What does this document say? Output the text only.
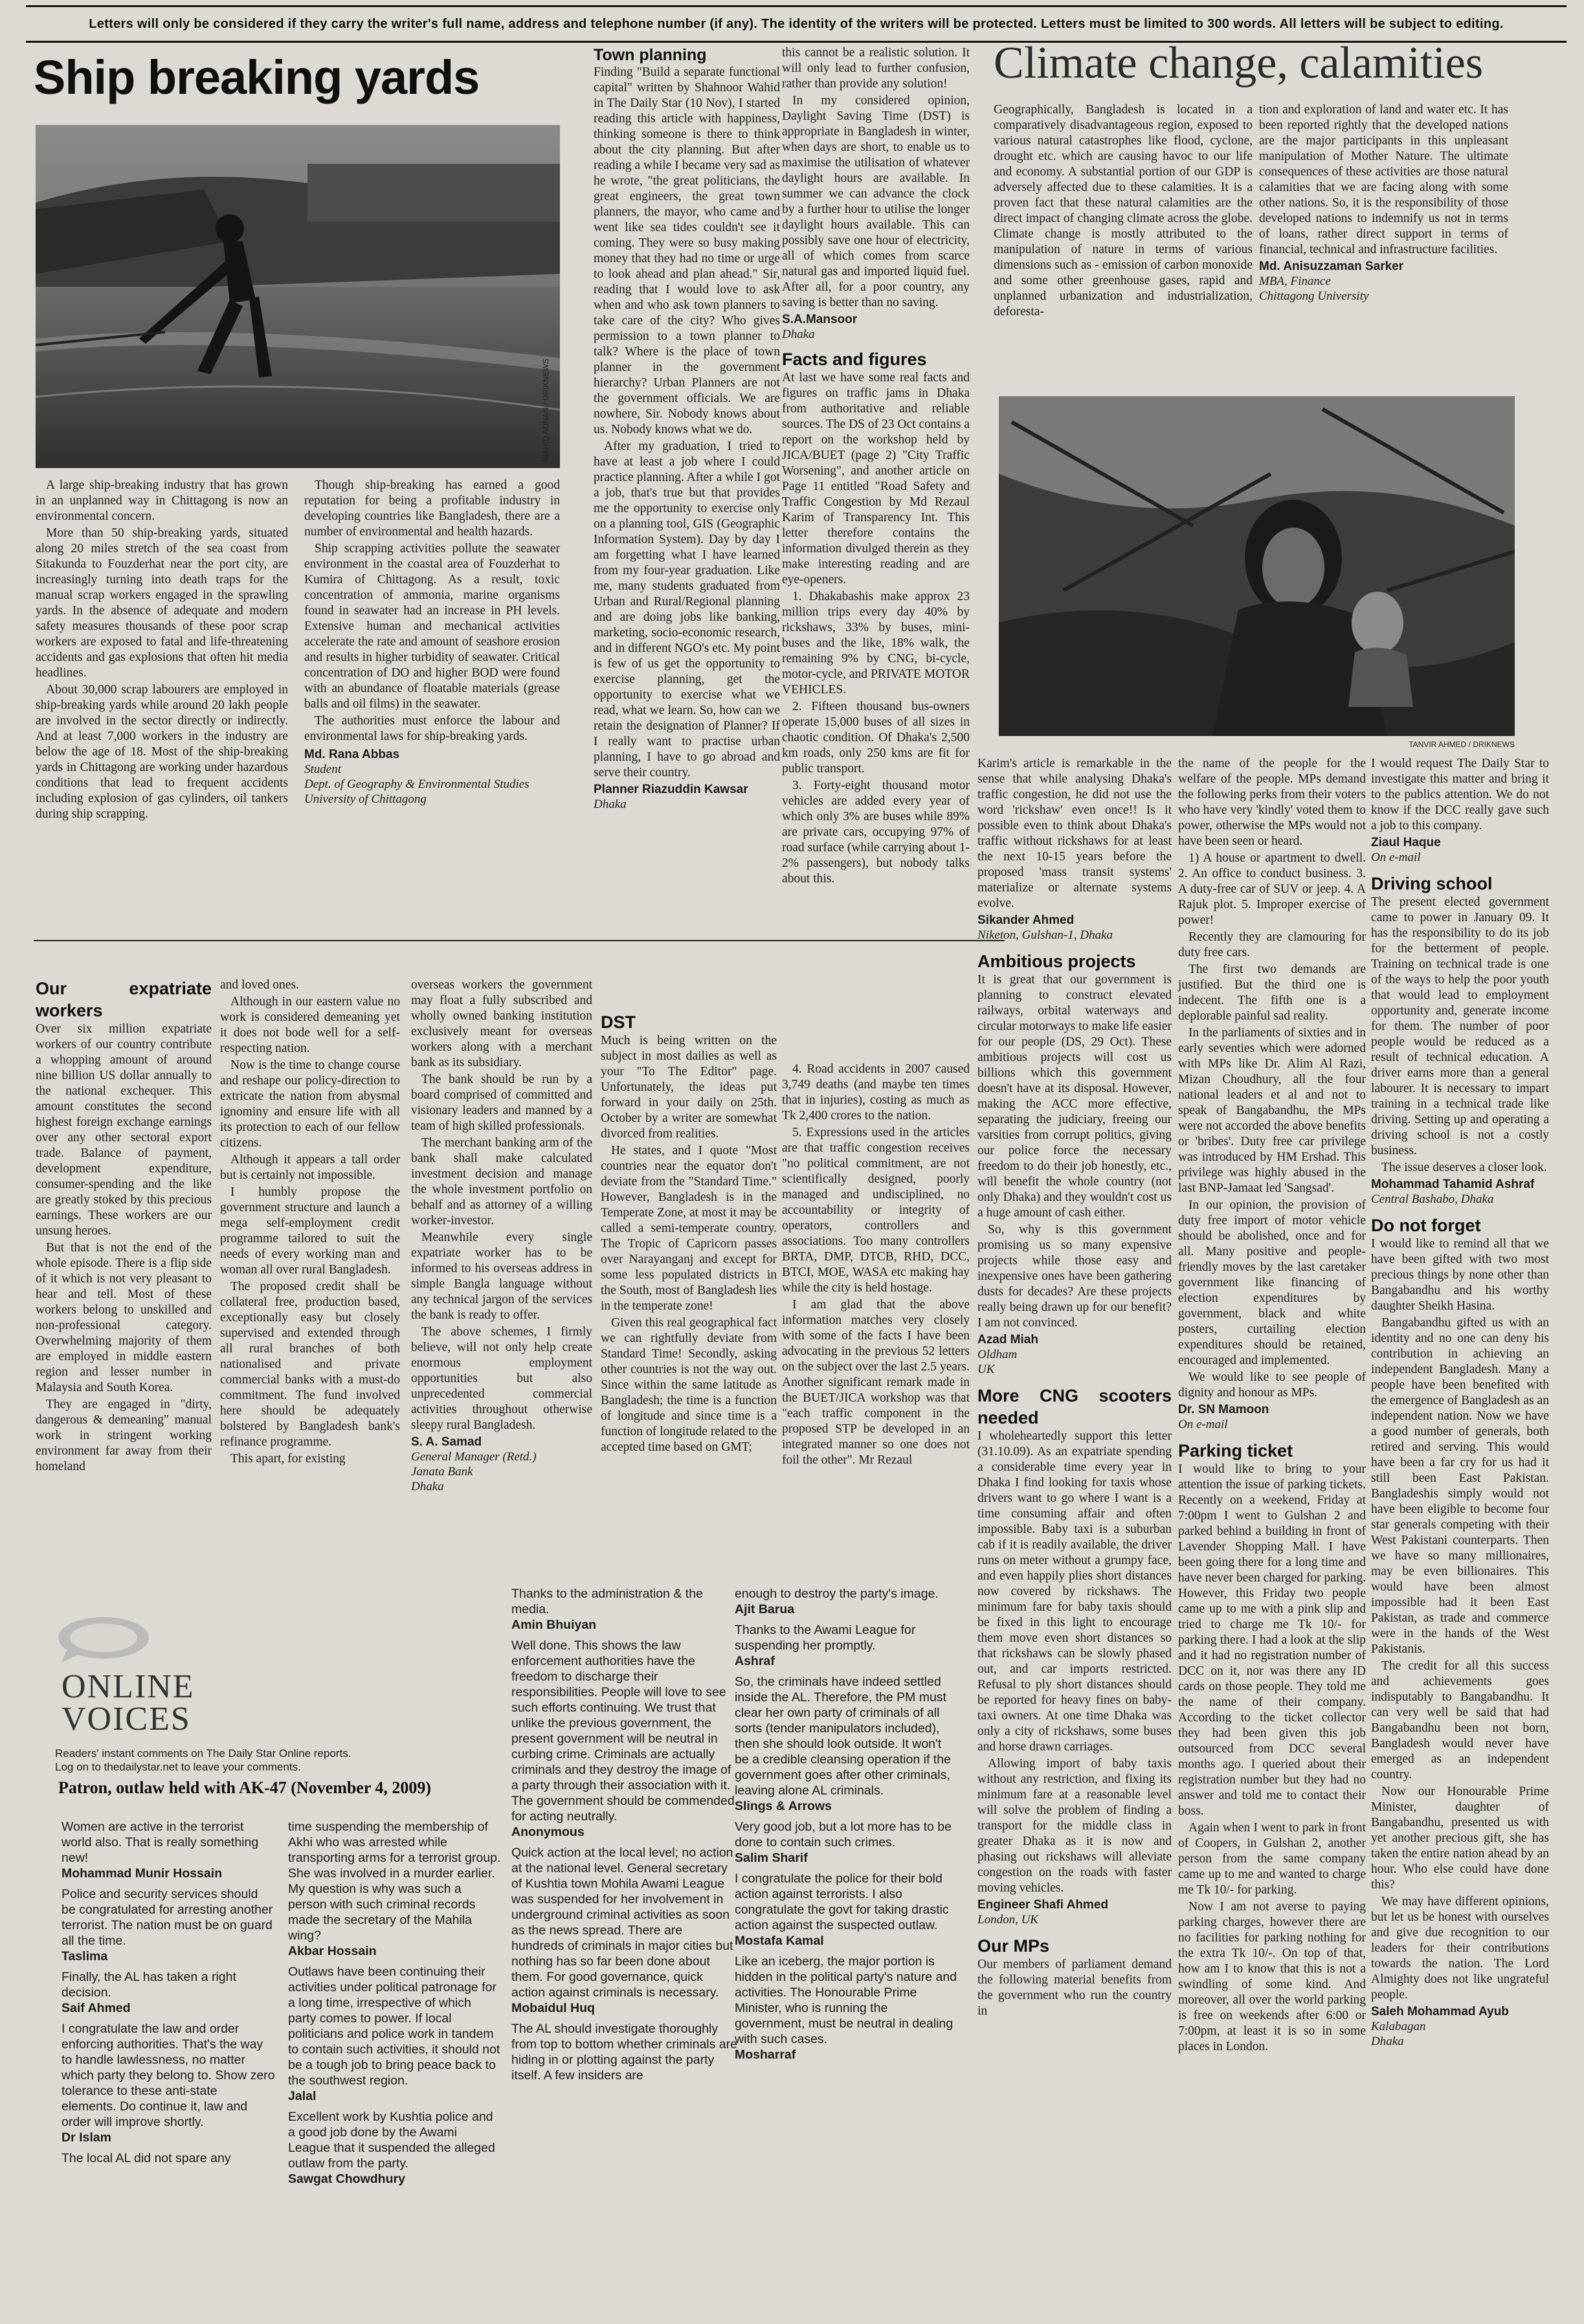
Letters will only be considered if they carry the writer's full name, address and telephone number (if any). The identity of the writers will be protected. Letters must be limited to 300 words. All letters will be subject to editing.
Ship breaking yards
WAHID ADNAN / DRIKNEWS

A large ship-breaking industry that has grown in an unplanned way in Chittagong is now an environmental concern.

More than 50 ship-breaking yards, situated along 20 miles stretch of the sea coast from Sitakunda to Fouzderhat near the port city, are increasingly turning into death traps for the manual scrap workers engaged in the sprawling yards. In the absence of adequate and modern safety measures thousands of these poor scrap workers are exposed to fatal and life-threatening accidents and gas explosions that often hit media headlines.

About 30,000 scrap labourers are employed in ship-breaking yards while around 20 lakh people are involved in the sector directly or indirectly. And at least 7,000 workers in the industry are below the age of 18. Most of the ship-breaking yards in Chittagong are working under hazardous conditions that lead to frequent accidents including explosion of gas cylinders, oil tankers during ship scrapping.

Though ship-breaking has earned a good reputation for being a profitable industry in developing countries like Bangladesh, there are a number of environmental and health hazards.

Ship scrapping activities pollute the seawater environment in the coastal area of Fouzderhat to Kumira of Chittagong. As a result, toxic concentration of ammonia, marine organisms found in seawater had an increase in PH levels. Extensive human and mechanical activities accelerate the rate and amount of seashore erosion and results in higher turbidity of seawater. Critical concentration of DO and higher BOD were found with an abundance of floatable materials (grease balls and oil films) in the seawater.

The authorities must enforce the labour and environmental laws for ship-breaking yards.

Md. Rana Abbas
Student
Dept. of Geography & Environmental Studies
University of Chittagong
Town planning

Finding "Build a separate functional capital" written by Shahnoor Wahid in The Daily Star (10 Nov), I started reading this article with happiness, thinking someone is there to think about the city planning. But after reading a while I became very sad as he wrote, "the great politicians, the great engineers, the great town planners, the mayor, who came and went like sea tides couldn't see it coming. They were so busy making money that they had no time or urge to look ahead and plan ahead." Sir, reading that I would love to ask when and who ask town planners to take care of the city? Who gives permission to a town planner to talk? Where is the place of town planner in the government hierarchy? Urban Planners are not the government officials. We are nowhere, Sir. Nobody knows about us. Nobody knows what we do.

After my graduation, I tried to have at least a job where I could practice planning. After a while I got a job, that's true but that provides me the opportunity to exercise only on a planning tool, GIS (Geographic Information System). Day by day I am forgetting what I have learned from my four-year graduation. Like me, many students graduated from Urban and Rural/Regional planning and are doing jobs like banking, marketing, socio-economic research, and in different NGO's etc. My point is few of us get the opportunity to exercise planning, get the opportunity to exercise what we read, what we learn. So, how can we retain the designation of Planner? If I really want to practise urban planning, I have to go abroad and serve their country.

Planner Riazuddin Kawsar
Dhaka

this cannot be a realistic solution. It will only lead to further confusion, rather than provide any solution!

In my considered opinion, Daylight Saving Time (DST) is appropriate in Bangladesh in winter, when days are short, to enable us to maximise the utilisation of whatever daylight hours are available. In summer we can advance the clock by a further hour to utilise the longer daylight hours available. This can possibly save one hour of electricity, all of which comes from scarce natural gas and imported liquid fuel. After all, for a poor country, any saving is better than no saving.

S.A.Mansoor
Dhaka
Facts and figures

At last we have some real facts and figures on traffic jams in Dhaka from authoritative and reliable sources. The DS of 23 Oct contains a report on the workshop held by JICA/BUET (page 2) "City Traffic Worsening", and another article on Page 11 entitled "Road Safety and Traffic Congestion by Md Rezaul Karim of Transparency Int. This letter therefore contains the information divulged therein as they make interesting reading and are eye-openers.

1. Dhakabashis make approx 23 million trips every day 40% by rickshaws, 33% by buses, mini-buses and the like, 18% walk, the remaining 9% by CNG, bi-cycle, motor-cycle, and PRIVATE MOTOR VEHICLES.

2. Fifteen thousand bus-owners operate 15,000 buses of all sizes in chaotic condition. Of Dhaka's 2,500 km roads, only 250 kms are fit for public transport.

3. Forty-eight thousand motor vehicles are added every year of which only 3% are buses while 89% are private cars, occupying 97% of road surface (while carrying about 1-2% passengers), but nobody talks about this.

4. Road accidents in 2007 caused 3,749 deaths (and maybe ten times that in injuries), costing as much as Tk 2,400 crores to the nation.

5. Expressions used in the articles are that traffic congestion receives "no political commitment, are not scientifically designed, poorly managed and undisciplined, no accountability or integrity of operators, controllers and associations. Too many controllers BRTA, DMP, DTCB, RHD, DCC, BTCI, MOE, WASA etc making hay while the city is held hostage.

I am glad that the above information matches very closely with some of the facts I have been advocating in the previous 52 letters on the subject over the last 2.5 years. Another significant remark made in the BUET/JICA workshop was that "each traffic component in the proposed STP be developed in an integrated manner so one does not foil the other". Mr Rezaul

Climate change, calamities

Geographically, Bangladesh is located in a comparatively disadvantageous region, exposed to various natural catastrophes like flood, cyclone, drought etc. which are causing havoc to our life and economy. A substantial portion of our GDP is adversely affected due to these calamities. It is a proven fact that these natural calamities are the direct impact of changing climate across the globe. Climate change is mostly attributed to the manipulation of nature in terms of various dimensions such as - emission of carbon monoxide and some other greenhouse gases, rapid and unplanned urbanization and industrialization, deforesta-

tion and exploration of land and water etc. It has been reported rightly that the developed nations are the major participants in this unpleasant manipulation of Mother Nature. The ultimate consequences of these activities are those natural calamities that we are facing along with some other nations. So, it is the responsibility of those developed nations to indemnify us not in terms of loans, rather direct support in terms of financial, technical and infrastructure facilities.

Md. Anisuzzaman Sarker
MBA, Finance
Chittagong University
TANVIR AHMED / DRIKNEWS

Karim's article is remarkable in the sense that while analysing Dhaka's traffic congestion, he did not use the word 'rickshaw' even once!! Is it possible even to think about Dhaka's traffic without rickshaws for at least the next 10-15 years before the proposed 'mass transit systems' materialize or alternate systems evolve.

Sikander Ahmed
Niketon, Gulshan-1, Dhaka
Ambitious projects

It is great that our government is planning to construct elevated railways, orbital waterways and circular motorways to make life easier for our people (DS, 29 Oct). These ambitious projects will cost us billions which this government doesn't have at its disposal. However, making the ACC more effective, separating the judiciary, freeing our varsities from corrupt politics, giving our police force the necessary freedom to do their job honestly, etc., will benefit the whole country (not only Dhaka) and they wouldn't cost us a huge amount of cash either.

So, why is this government promising us so many expensive projects while those easy and inexpensive ones have been gathering dusts for decades? Are these projects really being drawn up for our benefit? I am not convinced.

Azad Miah
Oldham
UK
More CNG scooters needed

I wholeheartedly support this letter (31.10.09). As an expatriate spending a considerable time every year in Dhaka I find looking for taxis whose drivers want to go where I want is a time consuming affair and often impossible. Baby taxi is a suburban cab if it is readily available, the driver runs on meter without a grumpy face, and even happily plies short distances now covered by rickshaws. The minimum fare for baby taxis should be fixed in this light to encourage them move even short distances so that rickshaws can be slowly phased out, and car imports restricted. Refusal to ply short distances should be reported for heavy fines on baby-taxi owners. At one time Dhaka was only a city of rickshaws, some buses and horse drawn carriages.

Allowing import of baby taxis without any restriction, and fixing its minimum fare at a reasonable level will solve the problem of finding a transport for the middle class in greater Dhaka as it is now and phasing out rickshaws will alleviate congestion on the roads with faster moving vehicles.

Engineer Shafi Ahmed
London, UK
Our MPs

Our members of parliament demand the following material benefits from the government who run the country in

the name of the people for the welfare of the people. MPs demand the following perks from their voters who have very 'kindly' voted them to power, otherwise the MPs would not have been seen or heard.

1) A house or apartment to dwell. 2. An office to conduct business. 3. A duty-free car of SUV or jeep. 4. A Rajuk plot. 5. Improper exercise of power!

Recently they are clamouring for duty free cars.

The first two demands are justified. But the third one is indecent. The fifth one is a deplorable painful sad reality.

In the parliaments of sixties and in early seventies which were adorned with MPs like Dr. Alim Al Razi, Mizan Choudhury, all the four national leaders et al and not to speak of Bangabandhu, the MPs were not accorded the above benefits or 'bribes'. Duty free car privilege was introduced by HM Ershad. This privilege was highly abused in the last BNP-Jamaat led 'Sangsad'.

In our opinion, the provision of duty free import of motor vehicle should be abolished, once and for all. Many positive and people-friendly moves by the last caretaker government like financing of election expenditures by government, black and white posters, curtailing election expenditures should be retained, encouraged and implemented.

We would like to see people of dignity and honour as MPs.

Dr. SN Mamoon
On e-mail
Parking ticket

I would like to bring to your attention the issue of parking tickets. Recently on a weekend, Friday at 7:00pm I went to Gulshan 2 and parked behind a building in front of Lavender Shopping Mall. I have been going there for a long time and have never been charged for parking. However, this Friday two people came up to me with a pink slip and tried to charge me Tk 10/- for parking there. I had a look at the slip and it had no registration number of DCC on it, nor was there any ID cards on those people. They told me the name of their company. According to the ticket collector they had been given this job outsourced from DCC several months ago. I queried about their registration number but they had no answer and told me to contact their boss.

Again when I went to park in front of Coopers, in Gulshan 2, another person from the same company came up to me and wanted to charge me Tk 10/- for parking.

Now I am not averse to paying parking charges, however there are no facilities for parking nothing for the extra Tk 10/-. On top of that, how am I to know that this is not a swindling of some kind. And moreover, all over the world parking is free on weekends after 6:00 or 7:00pm, at least it is so in some places in London.

I would request The Daily Star to investigate this matter and bring it to the publics attention. We do not know if the DCC really gave such a job to this company.

Ziaul Haque
On e-mail
Driving school

The present elected government came to power in January 09. It has the responsibility to do its job for the betterment of people. Training on technical trade is one of the ways to help the poor youth that would lead to employment opportunity and, generate income for them. The number of poor people would be reduced as a result of technical education. A driver earns more than a general labourer. It is necessary to impart training in a technical trade like driving. Setting up and operating a driving school is not a costly business.

The issue deserves a closer look.

Mohammad Tahamid Ashraf
Central Bashabo, Dhaka
Do not forget

I would like to remind all that we have been gifted with two most precious things by none other than Bangabandhu and his worthy daughter Sheikh Hasina.

Bangabandhu gifted us with an identity and no one can deny his contribution in achieving an independent Bangladesh. Many a people have been benefited with the emergence of Bangladesh as an independent nation. Now we have a good number of generals, both retired and serving. This would have been a far cry for us had it still been East Pakistan. Bangladeshis simply would not have been eligible to become four star generals competing with their West Pakistani counterparts. Then we have so many millionaires, may be even billionaires. This would have been almost impossible had it been East Pakistan, as trade and commerce were in the hands of the West Pakistanis.

The credit for all this success and achievements goes indisputably to Bangabandhu. It can very well be said that had Bangabandhu been not born, Bangladesh would never have emerged as an independent country.

Now our Honourable Prime Minister, daughter of Bangabandhu, presented us with yet another precious gift, she has taken the entire nation ahead by an hour. Who else could have done this?

We may have different opinions, but let us be honest with ourselves and give due recognition to our leaders for their contributions towards the nation. The Lord Almighty does not like ungrateful people.

Saleh Mohammad Ayub
Kalabagan
Dhaka
Our expatriate workers

Over six million expatriate workers of our country contribute a whopping amount of around nine billion US dollar annually to the national exchequer. This amount constitutes the second highest foreign exchange earnings over any other sectoral export trade. Balance of payment, development expenditure, consumer-spending and the like are greatly stoked by this precious earnings. These workers are our unsung heroes.

But that is not the end of the whole episode. There is a flip side of it which is not very pleasant to hear and tell. Most of these workers belong to unskilled and non-professional category. Overwhelming majority of them are employed in middle eastern region and lesser number in Malaysia and South Korea.

They are engaged in "dirty, dangerous & demeaning" manual work in stringent working environment far away from their homeland

and loved ones.

Although in our eastern value no work is considered demeaning yet it does not bode well for a self-respecting nation.

Now is the time to change course and reshape our policy-direction to extricate the nation from abysmal ignominy and ensure life with all its protection to each of our fellow citizens.

Although it appears a tall order but is certainly not impossible.

I humbly propose the government structure and launch a mega self-employment credit programme tailored to suit the needs of every working man and woman all over rural Bangladesh.

The proposed credit shall be collateral free, production based, exceptionally easy but closely supervised and extended through all rural branches of both nationalised and private commercial banks with a must-do commitment. The fund involved here should be adequately bolstered by Bangladesh bank's refinance programme.

This apart, for existing

overseas workers the government may float a fully subscribed and wholly owned banking institution exclusively meant for overseas workers along with a merchant bank as its subsidiary.

The bank should be run by a board comprised of committed and visionary leaders and manned by a team of high skilled professionals.

The merchant banking arm of the bank shall make calculated investment decision and manage the whole investment portfolio on behalf and as attorney of a willing worker-investor.

Meanwhile every single expatriate worker has to be informed to his overseas address in simple Bangla language without any technical jargon of the services the bank is ready to offer.

The above schemes, I firmly believe, will not only help create enormous employment opportunities but also unprecedented commercial activities throughout otherwise sleepy rural Bangladesh.

S. A. Samad
General Manager (Retd.)
Janata Bank
Dhaka
DST

Much is being written on the subject in most dailies as well as your "To The Editor" page. Unfortunately, the ideas put forward in your daily on 25th. October by a writer are somewhat divorced from realities.

He states, and I quote "Most countries near the equator don't deviate from the "Standard Time." However, Bangladesh is in the Temperate Zone, at most it may be called a semi-temperate country. The Tropic of Capricorn passes over Narayanganj and except for some less populated districts in the South, most of Bangladesh lies in the temperate zone!

Given this real geographical fact we can rightfully deviate from Standard Time! Secondly, asking other countries is not the way out. Since within the same latitude as Bangladesh; the time is a function of longitude and since time is a function of longitude related to the accepted time based on GMT;

ONLINE
VOICES
Readers' instant comments on The Daily Star Online reports.
Log on to thedailystar.net to leave your comments.
Patron, outlaw held with AK-47 (November 4, 2009)
Women are active in the terrorist world also. That is really something new!
Mohammad Munir Hossain
Police and security services should be congratulated for arresting another terrorist. The nation must be on guard all the time.
Taslima
Finally, the AL has taken a right decision.
Saif Ahmed
I congratulate the law and order enforcing authorities. That's the way to handle lawlessness, no matter which party they belong to. Show zero tolerance to these anti-state elements. Do continue it, law and order will improve shortly.
Dr Islam
The local AL did not spare any
time suspending the membership of Akhi who was arrested while transporting arms for a terrorist group. She was involved in a murder earlier. My question is why was such a person with such criminal records made the secretary of the Mahila wing?
Akbar Hossain
Outlaws have been continuing their activities under political patronage for a long time, irrespective of which party comes to power. If local politicians and police work in tandem to contain such activities, it should not be a tough job to bring peace back to the southwest region.
Jalal
Excellent work by Kushtia police and a good job done by the Awami League that it suspended the alleged outlaw from the party.
Sawgat Chowdhury
Thanks to the administration & the media.
Amin Bhuiyan
Well done. This shows the law enforcement authorities have the freedom to discharge their responsibilities. People will love to see such efforts continuing. We trust that unlike the previous government, the present government will be neutral in curbing crime. Criminals are actually criminals and they destroy the image of a party through their association with it. The government should be commended for acting neutrally.
Anonymous
Quick action at the local level; no action at the national level. General secretary of Kushtia town Mohila Awami League was suspended for her involvement in underground criminal activities as soon as the news spread. There are hundreds of criminals in major cities but nothing has so far been done about them. For good governance, quick action against criminals is necessary.
Mobaidul Huq
The AL should investigate thoroughly from top to bottom whether criminals are hiding in or plotting against the party itself. A few insiders are
enough to destroy the party's image.
Ajit Barua
Thanks to the Awami League for suspending her promptly.
Ashraf
So, the criminals have indeed settled inside the AL. Therefore, the PM must clear her own party of criminals of all sorts (tender manipulators included), then she should look outside. It won't be a credible cleansing operation if the government goes after other criminals, leaving alone AL criminals.
Slings & Arrows
Very good job, but a lot more has to be done to contain such crimes.
Salim Sharif
I congratulate the police for their bold action against terrorists. I also congratulate the govt for taking drastic action against the suspected outlaw.
Mostafa Kamal
Like an iceberg, the major portion is hidden in the political party's nature and activities. The Honourable Prime Minister, who is running the government, must be neutral in dealing with such cases.
Mosharraf
